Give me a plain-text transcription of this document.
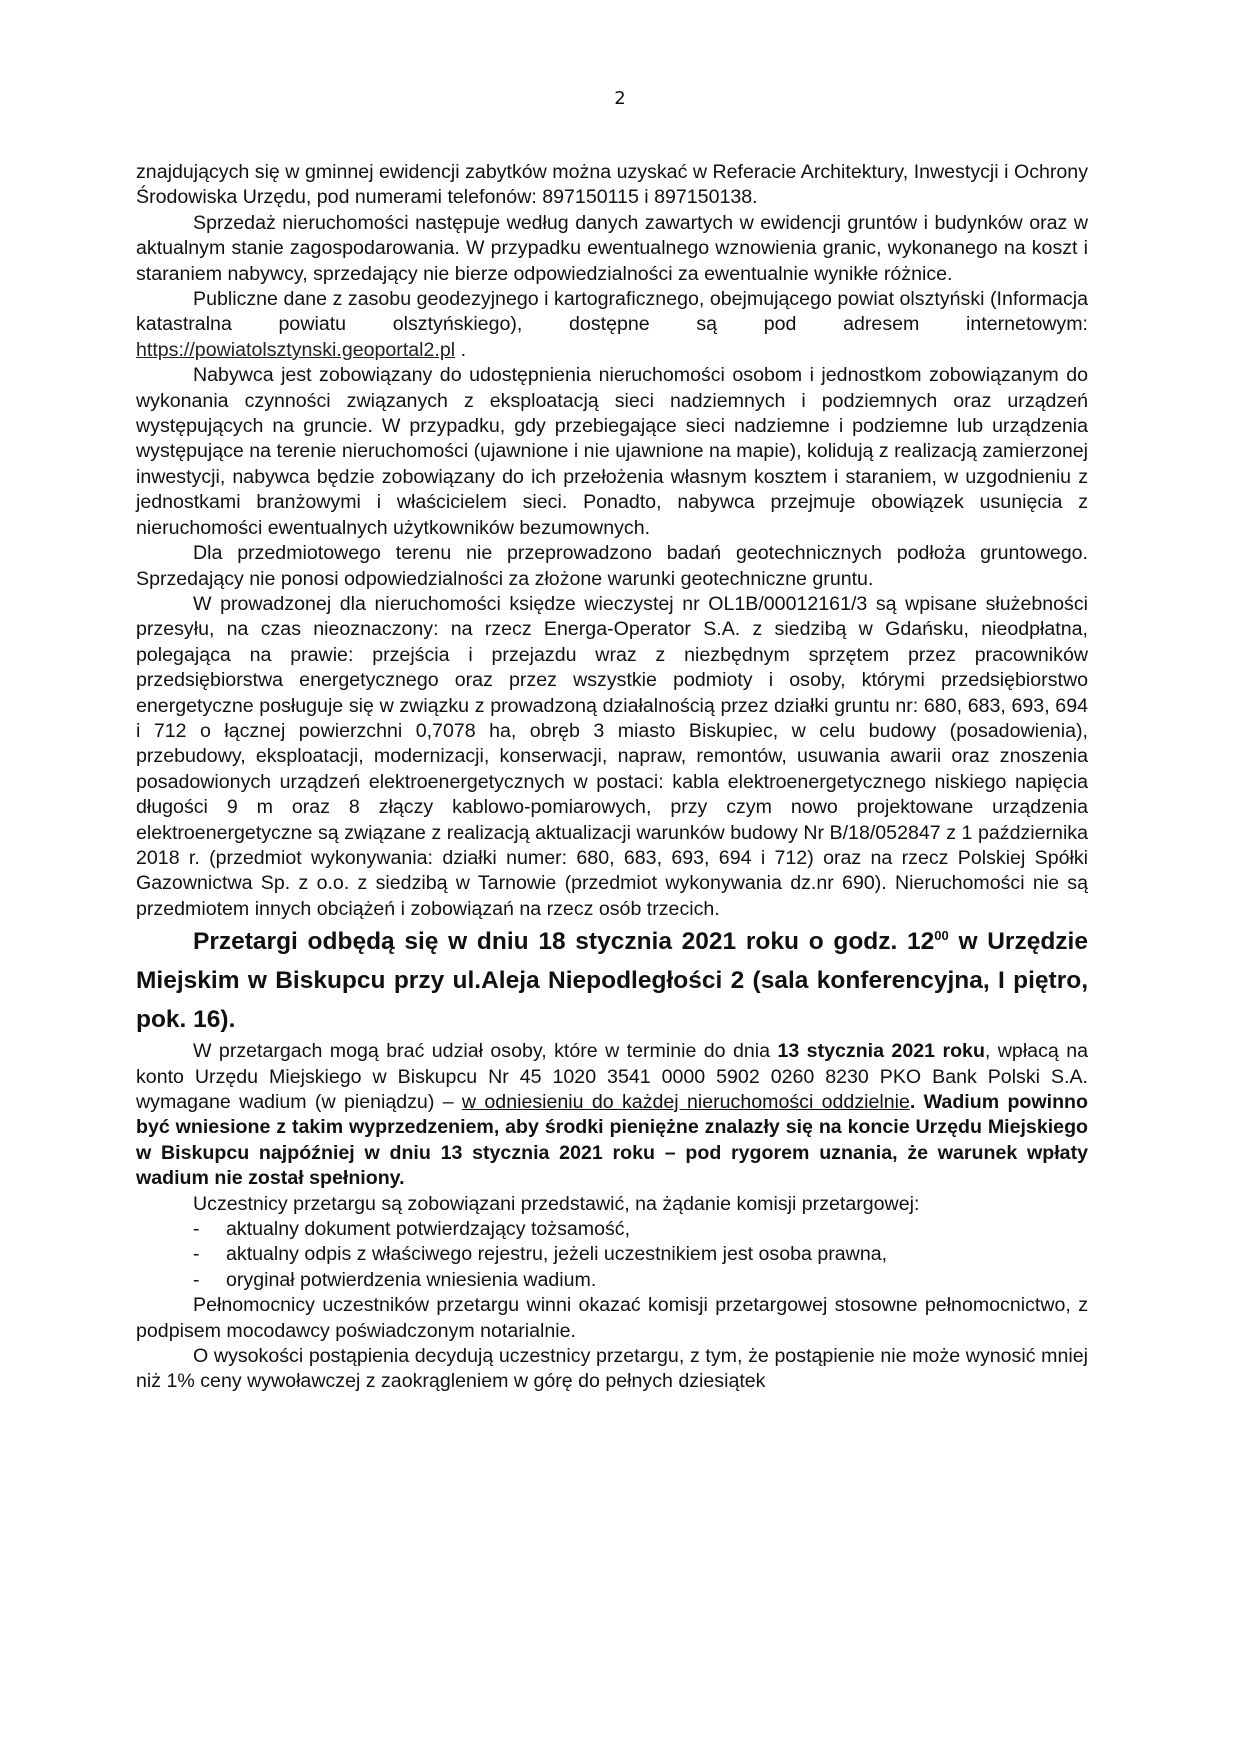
2

znajdujących się w gminnej ewidencji zabytków można uzyskać w Referacie Architektury, Inwestycji i Ochrony Środowiska Urzędu, pod numerami telefonów: 897150115 i 897150138.

Sprzedaż nieruchomości następuje według danych zawartych w ewidencji gruntów i budynków oraz w aktualnym stanie zagospodarowania. W przypadku ewentualnego wznowienia granic, wykonanego na koszt i staraniem nabywcy, sprzedający nie bierze odpowiedzialności za ewentualnie wynikłe różnice.

Publiczne dane z zasobu geodezyjnego i kartograficznego, obejmującego powiat olsztyński (Informacja katastralna powiatu olsztyńskiego), dostępne są pod adresem internetowym: https://powiatolsztynski.geoportal2.pl .

Nabywca jest zobowiązany do udostępnienia nieruchomości osobom i jednostkom zobowiązanym do wykonania czynności związanych z eksploatacją sieci nadziemnych i podziemnych oraz urządzeń występujących na gruncie. W przypadku, gdy przebiegające sieci nadziemne i podziemne lub urządzenia występujące na terenie nieruchomości (ujawnione i nie ujawnione na mapie), kolidują z realizacją zamierzonej inwestycji, nabywca będzie zobowiązany do ich przełożenia własnym kosztem i staraniem, w uzgodnieniu z jednostkami branżowymi i właścicielem sieci. Ponadto, nabywca przejmuje obowiązek usunięcia z nieruchomości ewentualnych użytkowników bezumownych.

Dla przedmiotowego terenu nie przeprowadzono badań geotechnicznych podłoża gruntowego. Sprzedający nie ponosi odpowiedzialności za złożone warunki geotechniczne gruntu.

W prowadzonej dla nieruchomości księdze wieczystej nr OL1B/00012161/3 są wpisane służebności przesyłu, na czas nieoznaczony: na rzecz Energa-Operator S.A. z siedzibą w Gdańsku, nieodpłatna, polegająca na prawie: przejścia i przejazdu wraz z niezbędnym sprzętem przez pracowników przedsiębiorstwa energetycznego oraz przez wszystkie podmioty i osoby, którymi przedsiębiorstwo energetyczne posługuje się w związku z prowadzoną działalnością przez działki gruntu nr: 680, 683, 693, 694 i 712 o łącznej powierzchni 0,7078 ha, obręb 3 miasto Biskupiec, w celu budowy (posadowienia), przebudowy, eksploatacji, modernizacji, konserwacji, napraw, remontów, usuwania awarii oraz znoszenia posadowionych urządzeń elektroenergetycznych w postaci: kabla elektroenergetycznego niskiego napięcia długości 9 m oraz 8 złączy kablowo-pomiarowych, przy czym nowo projektowane urządzenia elektroenergetyczne są związane z realizacją aktualizacji warunków budowy Nr B/18/052847 z 1 października 2018 r. (przedmiot wykonywania: działki numer: 680, 683, 693, 694 i 712) oraz na rzecz Polskiej Spółki Gazownictwa Sp. z o.o. z siedzibą w Tarnowie (przedmiot wykonywania dz.nr 690). Nieruchomości nie są przedmiotem innych obciążeń i zobowiązań na rzecz osób trzecich.

Przetargi odbędą się w dniu 18 stycznia 2021 roku o godz. $12^{00}$ w Urzędzie Miejskim w Biskupcu przy ul.Aleja Niepodległości 2 (sala konferencyjna, I piętro, pok. 16).

W przetargach mogą brać udział osoby, które w terminie do dnia 13 stycznia 2021 roku, wpłacą na konto Urzędu Miejskiego w Biskupcu Nr 45 1020 3541 0000 5902 0260 8230 PKO Bank Polski S.A. wymagane wadium (w pieniądzu) – w odniesieniu do każdej nieruchomości oddzielnie. Wadium powinno być wniesione z takim wyprzedzeniem, aby środki pieniężne znalazły się na koncie Urzędu Miejskiego w Biskupcu najpóźniej w dniu 13 stycznia 2021 roku – pod rygorem uznania, że warunek wpłaty wadium nie został spełniony.

Uczestnicy przetargu są zobowiązani przedstawić, na żądanie komisji przetargowej:

- aktualny dokument potwierdzający tożsamość,
- aktualny odpis z właściwego rejestru, jeżeli uczestnikiem jest osoba prawna,
- oryginał potwierdzenia wniesienia wadium.

Pełnomocnicy uczestników przetargu winni okazać komisji przetargowej stosowne pełnomocnictwo, z podpisem mocodawcy poświadczonym notarialnie.

O wysokości postąpienia decydują uczestnicy przetargu, z tym, że postąpienie nie może wynosić mniej niż 1% ceny wywoławczej z zaokrągleniem w górę do pełnych dziesiątek
